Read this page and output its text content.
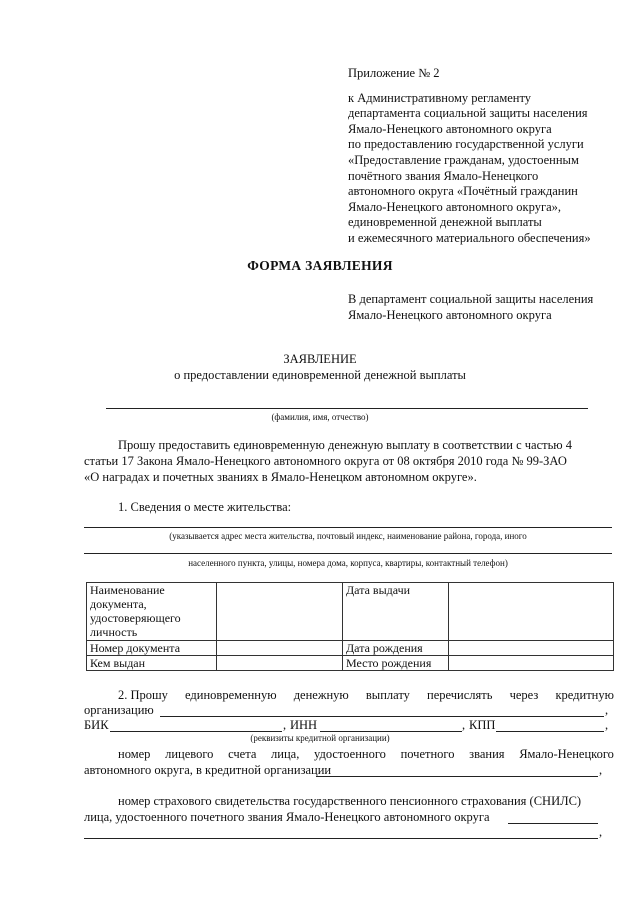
Приложение № 2
к Административному регламенту
департамента социальной защиты населения
Ямало-Ненецкого автономного округа
по предоставлению государственной услуги
«Предоставление гражданам, удостоенным
почётного звания Ямало-Ненецкого
автономного округа «Почётный гражданин
Ямало-Ненецкого автономного округа»,
единовременной денежной выплаты
и ежемесячного материального обеспечения»
ФОРМА ЗАЯВЛЕНИЯ
В департамент социальной защиты населения
Ямало-Ненецкого автономного округа
ЗАЯВЛЕНИЕ
о предоставлении единовременной денежной выплаты
(фамилия, имя, отчество)
Прошу предоставить единовременную денежную выплату в соответствии с частью 4
статьи 17 Закона Ямало-Ненецкого автономного округа от 08 октября 2010 года № 99-ЗАО
«О наградах и почетных званиях в Ямало-Ненецком автономном округе».
1. Сведения о месте жительства:
(указывается адрес места жительства, почтовый индекс, наименование района, города, иного
населенного пункта, улицы, номера дома, корпуса, квартиры, контактный телефон)
Наименование
документа,
удостоверяющего
личность		Дата выдачи	
Номер документа		Дата рождения	
Кем выдан		Место рождения	
2. Прошу единовременную денежную выплату перечислять через кредитную
организацию	,
БИК	, ИНН	, КПП	,
(реквизиты кредитной организации)
номер лицевого счета лица, удостоенного почетного звания Ямало-Ненецкого
автономного округа, в кредитной организации	,
номер страхового свидетельства государственного пенсионного страхования (СНИЛС)
лица, удостоенного почетного звания Ямало-Ненецкого автономного округа
,
